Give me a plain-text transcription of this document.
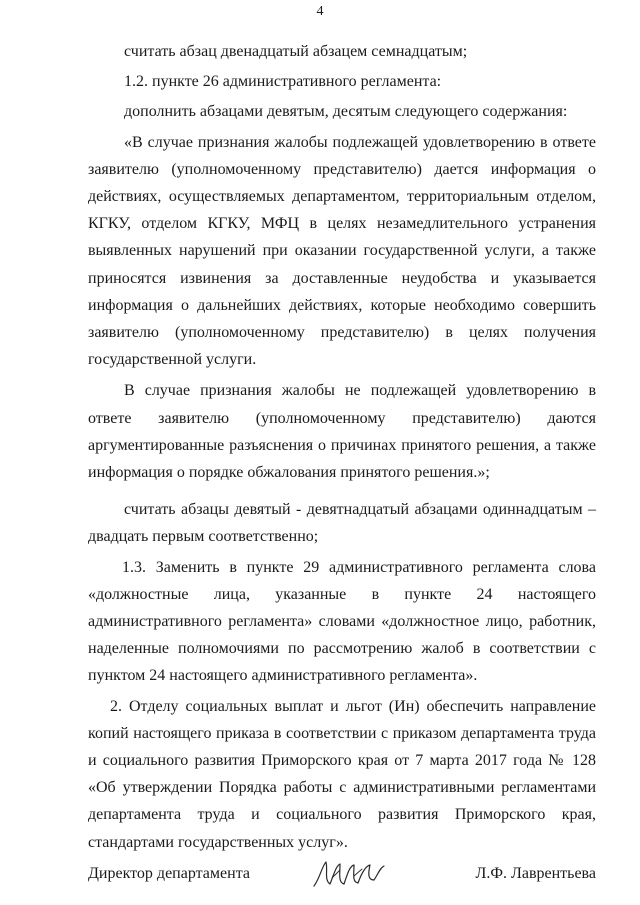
4

считать абзац двенадцатый абзацем семнадцатым;

1.2. пункте 26 административного регламента:

дополнить абзацами девятым, десятым следующего содержания:

«В случае признания жалобы подлежащей удовлетворению в ответе заявителю (уполномоченному представителю) дается информация о действиях, осуществляемых департаментом, территориальным отделом, КГКУ, отделом КГКУ, МФЦ в целях незамедлительного устранения выявленных нарушений при оказании государственной услуги, а также приносятся извинения за доставленные неудобства и указывается информация о дальнейших действиях, которые необходимо совершить заявителю (уполномоченному представителю) в целях получения государственной услуги.

В случае признания жалобы не подлежащей удовлетворению в ответе заявителю (уполномоченному представителю) даются аргументированные разъяснения о причинах принятого решения, а также информация о порядке обжалования принятого решения.»;

считать абзацы девятый - девятнадцатый абзацами одиннадцатым – двадцать первым соответственно;

1.3. Заменить в пункте 29 административного регламента слова «должностные лица, указанные в пункте 24 настоящего административного регламента» словами «должностное лицо, работник, наделенные полномочиями по рассмотрению жалоб в соответствии с пунктом 24 настоящего административного регламента».

2. Отделу социальных выплат и льгот (Ин) обеспечить направление копий настоящего приказа в соответствии с приказом департамента труда и социального развития Приморского края от 7 марта 2017 года № 128 «Об утверждении Порядка работы с административными регламентами департамента труда и социального развития Приморского края, стандартами государственных услуг».

Директор департамента	Л.Ф. Лаврентьева
